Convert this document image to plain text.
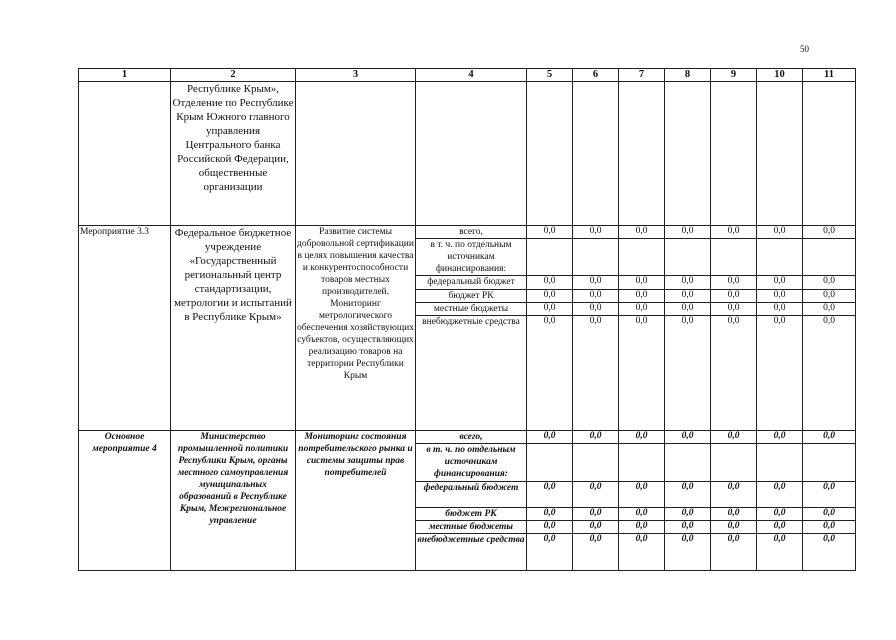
50
1	2	3	4	5	6	7	8	9	10	11
	Республике Крым», Отделение по Республике Крым Южного главного управления Центрального банка Российской Федерации, общественные организации									
Мероприятие 3.3	Федеральное бюджетное учреждение «Государственный региональный центр стандартизации, метрологии и испытаний в Республике Крым»	Развитие системы добровольной сертификации в целях повышения качества и конкурентоспособности товаров местных производителей. Мониторинг метрологического обеспечения хозяйствующих субъектов, осуществляющих реализацию товаров на территории Республики Крым	всего,	0,0	0,0	0,0	0,0	0,0	0,0	0,0
			в т. ч. по отдельным источникам финансирования:							
			федеральный бюджет	0,0	0,0	0,0	0,0	0,0	0,0	0,0
			бюджет РК	0,0	0,0	0,0	0,0	0,0	0,0	0,0
			местные бюджеты	0,0	0,0	0,0	0,0	0,0	0,0	0,0
			внебюджетные средства	0,0	0,0	0,0	0,0	0,0	0,0	0,0
Основное мероприятие 4	Министерство промышленной политики Республики Крым, органы местного самоуправления муниципальных образований в Республике Крым, Межрегиональное управление	Мониторинг состояния потребительского рынка и системы защиты прав потребителей	всего,	0,0	0,0	0,0	0,0	0,0	0,0	0,0
			в т. ч. по отдельным источникам финансирования:							
			федеральный бюджет	0,0	0,0	0,0	0,0	0,0	0,0	0,0
			бюджет РК	0,0	0,0	0,0	0,0	0,0	0,0	0,0
			местные бюджеты	0,0	0,0	0,0	0,0	0,0	0,0	0,0
			внебюджетные средства	0,0	0,0	0,0	0,0	0,0	0,0	0,0
